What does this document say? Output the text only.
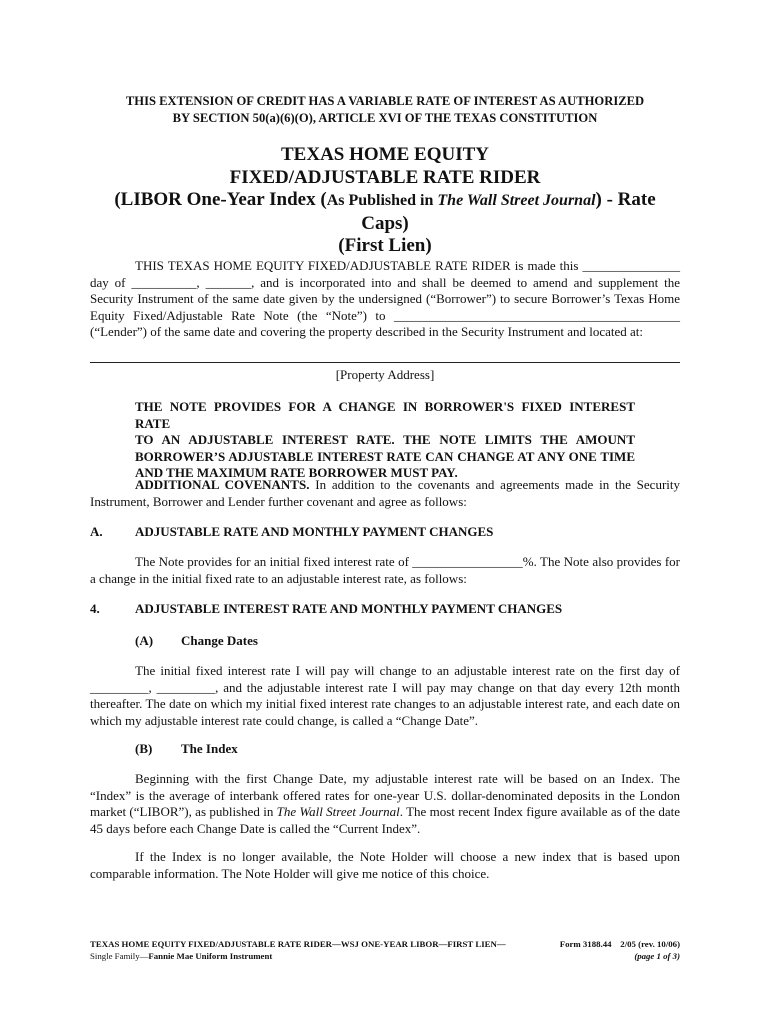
THIS EXTENSION OF CREDIT HAS A VARIABLE RATE OF INTEREST AS AUTHORIZED
BY SECTION 50(a)(6)(O), ARTICLE XVI OF THE TEXAS CONSTITUTION
TEXAS HOME EQUITY
FIXED/ADJUSTABLE RATE RIDER
(LIBOR One-Year Index (As Published in The Wall Street Journal) - Rate Caps)
(First Lien)

THIS TEXAS HOME EQUITY FIXED/ADJUSTABLE RATE RIDER is made this _______________ day of __________, _______, and is incorporated into and shall be deemed to amend and supplement the Security Instrument of the same date given by the undersigned (“Borrower”) to secure Borrower’s Texas Home Equity Fixed/Adjustable Rate Note (the “Note”) to ____________________________________________ (“Lender”) of the same date and covering the property described in the Security Instrument and located at:

[Property Address]
THE NOTE PROVIDES FOR A CHANGE IN BORROWER'S FIXED INTEREST RATE
TO AN ADJUSTABLE INTEREST RATE. THE NOTE LIMITS THE AMOUNT
BORROWER’S ADJUSTABLE INTEREST RATE CAN CHANGE AT ANY ONE TIME
AND THE MAXIMUM RATE BORROWER MUST PAY.

ADDITIONAL COVENANTS. In addition to the covenants and agreements made in the Security Instrument, Borrower and Lender further covenant and agree as follows:

A. ADJUSTABLE RATE AND MONTHLY PAYMENT CHANGES

The Note provides for an initial fixed interest rate of _________________%. The Note also provides for a change in the initial fixed rate to an adjustable interest rate, as follows:

4.	ADJUSTABLE INTEREST RATE AND MONTHLY PAYMENT CHANGES
(A) Change Dates

The initial fixed interest rate I will pay will change to an adjustable interest rate on the first day of _________, _________, and the adjustable interest rate I will pay may change on that day every 12th month thereafter. The date on which my initial fixed interest rate changes to an adjustable interest rate, and each date on which my adjustable interest rate could change, is called a “Change Date”.

(B) The Index

Beginning with the first Change Date, my adjustable interest rate will be based on an Index. The “Index” is the average of interbank offered rates for one-year U.S. dollar-denominated deposits in the London market (“LIBOR”), as published in The Wall Street Journal. The most recent Index figure available as of the date 45 days before each Change Date is called the “Current Index”.

If the Index is no longer available, the Note Holder will choose a new index that is based upon comparable information. The Note Holder will give me notice of this choice.

TEXAS HOME EQUITY FIXED/ADJUSTABLE RATE RIDER—WSJ ONE-YEAR LIBOR—FIRST LIEN—
Single Family—Fannie Mae Uniform Instrument
Form 3188.44 2/05 (rev. 10/06)
(page 1 of 3)
